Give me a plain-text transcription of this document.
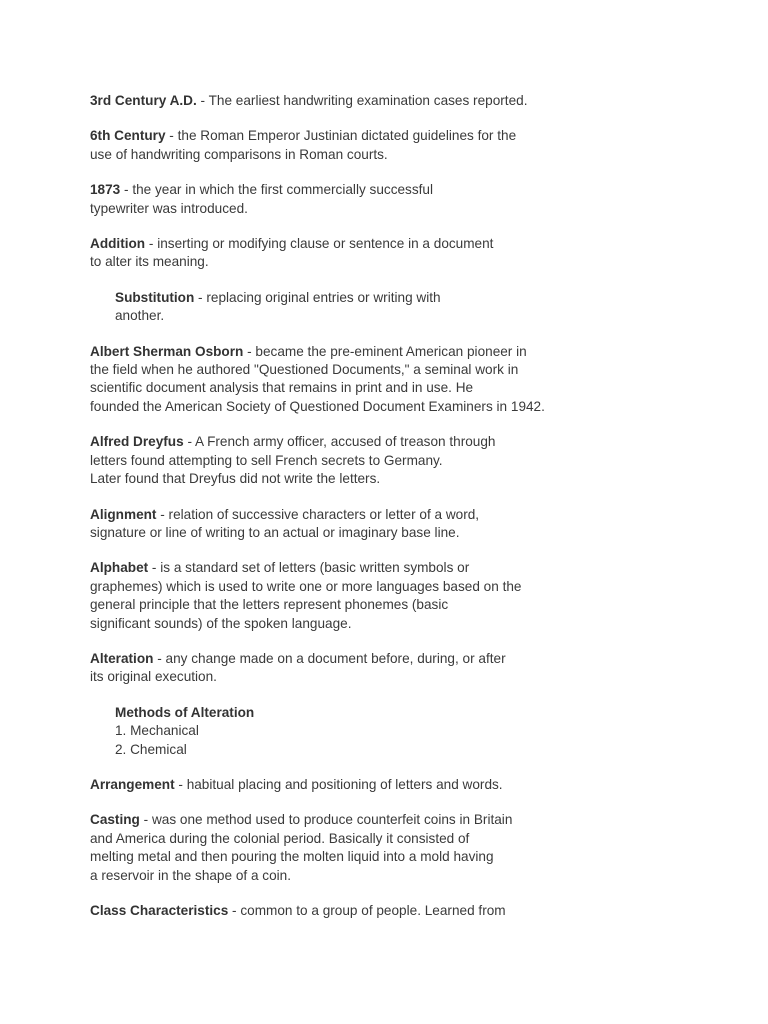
3rd Century A.D. - The earliest handwriting examination cases reported.
6th Century - the Roman Emperor Justinian dictated guidelines for the
use of handwriting comparisons in Roman courts.
1873 - the year in which the first commercially successful
typewriter was introduced.
Addition - inserting or modifying clause or sentence in a document
to alter its meaning.
Substitution - replacing original entries or writing with
another.
Albert Sherman Osborn - became the pre-eminent American pioneer in
the field when he authored "Questioned Documents," a seminal work in
scientific document analysis that remains in print and in use. He
founded the American Society of Questioned Document Examiners in 1942.
Alfred Dreyfus - A French army officer, accused of treason through
letters found attempting to sell French secrets to Germany.
Later found that Dreyfus did not write the letters.
Alignment - relation of successive characters or letter of a word,
signature or line of writing to an actual or imaginary base line.
Alphabet - is a standard set of letters (basic written symbols or
graphemes) which is used to write one or more languages based on the
general principle that the letters represent phonemes (basic
significant sounds) of the spoken language.
Alteration - any change made on a document before, during, or after
its original execution.
Methods of Alteration
1. Mechanical
2. Chemical
Arrangement - habitual placing and positioning of letters and words.
Casting - was one method used to produce counterfeit coins in Britain
and America during the colonial period. Basically it consisted of
melting metal and then pouring the molten liquid into a mold having
a reservoir in the shape of a coin.
Class Characteristics - common to a group of people. Learned from
